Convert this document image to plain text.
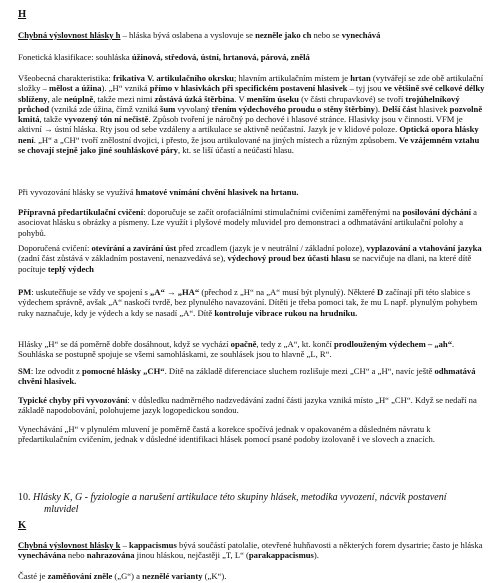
H

Chybná výslovnost hlásky h – hláska bývá oslabena a vyslovuje se nezněle jako ch nebo se vynechává

Fonetická klasifikace: souhláska úžinová, středová, ústní, hrtanová, párová, znělá

Všeobecná charakteristika: frikativa V. artikulačního okrsku; hlavním artikulačním místem je hrtan (vytvářejí se zde obě artikulační složky – mělost a úžina). „H“ vzniká přímo v hlasivkách při specifickém postavení hlasivek – tyj jsou ve většině své celkové délky sblíženy, ale neúplně, takže mezi nimi zůstává úzká štěrbina. V menším úseku (v části chrupavkové) se tvoří trojúhelníkový průchod (vzniká zde úžina, čímž vzniká šum vyvolaný třením výdechového proudu o stěny štěrbiny). Delší část hlasivek pozvolně kmitá, takže vyvozený tón ní nečistě. Způsob tvoření je náročný po dechové i hlasové stránce. Hlasivky jsou v činnosti. VFM je aktivní → ústní hláska. Rty jsou od sebe vzdáleny a artikulace se aktivně neúčastní. Jazyk je v klidové poloze. Optická opora hlásky není. „H“ a „CH“ tvoří znělostní dvojici, i přesto, že jsou artikulované na jiných místech a různým způsobem. Ve vzájemném vztahu se chovají stejně jako jiné souhláskové páry, kt. se liší účastí a neúčastí hlasu.

Při vyvozování hlásky se využívá hmatové vnímání chvění hlasivek na hrtanu.

Přípravná předartikulační cvičení: doporučuje se začít orofaciálními stimulačními cvičeními zaměřenými na posilování dýchání a asociovat hlásku s obrázky a písmeny. Lze využít i plyšové modely mluvidel pro demonstraci a odhmatávání artikulační polohy a pohybů.

Doporučená cvičení: otevírání a zavírání úst před zrcadlem (jazyk je v neutrální / základní poloze), vyplazování a vtahování jazyka (zadní část zůstává v základním postavení, nenazvedává se), výdechový proud bez účasti hlasu se nacvičuje na dlani, na které dítě pocítuje teplý výdech

PM: uskutečňuje se vždy ve spojení s „A“ → „HA“ (přechod z „H“ na „A“ musí být plynulý). Některé D začínají při této slabice s výdechem správně, avšak „A“ naskočí tvrdě, bez plynulého navazování. Dítěti je třeba pomoci tak, že mu L např. plynulým pohybem ruky naznačuje, kdy je výdech a kdy se nasadí „A“. Dítě kontroluje vibrace rukou na hrudníku.

Hlásky „H“ se dá poměrně dobře dosáhnout, když se vychází opačně, tedy z „A“, kt. končí prodlouženým výdechem – „ah“. Souhláska se postupně spojuje se všemi samohláskami, ze souhlásek jsou to hlavně „L, R“.

SM: lze odvodit z pomocné hlásky „CH“. Dítě na základě diferenciace sluchem rozlišuje mezi „CH“ a „H“, navíc ještě odhmatává chvění hlasivek.

Typické chyby při vyvozování: v důsledku nadměrného nadzvedávání zadní části jazyka vzniká místo „H“ „CH“. Když se nedaří na základě napodobování, polohujeme jazyk logopedickou sondou.

Vynechávání „H“ v plynulém mluvení je poměrně častá a korekce spočívá jednak v opakovaném a důsledném návratu k předartikulačním cvičením, jednak v důsledné identifikaci hlásek pomocí psané podoby izolovaně i ve slovech a znacích.

10. Hlásky K, G - fyziologie a narušení artikulace této skupiny hlásek, metodika vyvození, nácvik postavení
mluvidel
K

Chybná výslovnost hlásky k – kappacismus bývá součástí patolalie, otevřené huhňavosti a některých forem dysartrie; často je hláska vynechávána nebo nahrazována jinou hláskou, nejčastěji „T, L“ (parakappacismus).

Časté je zaměňování zněle („G“) a neznělé varianty („K“).
